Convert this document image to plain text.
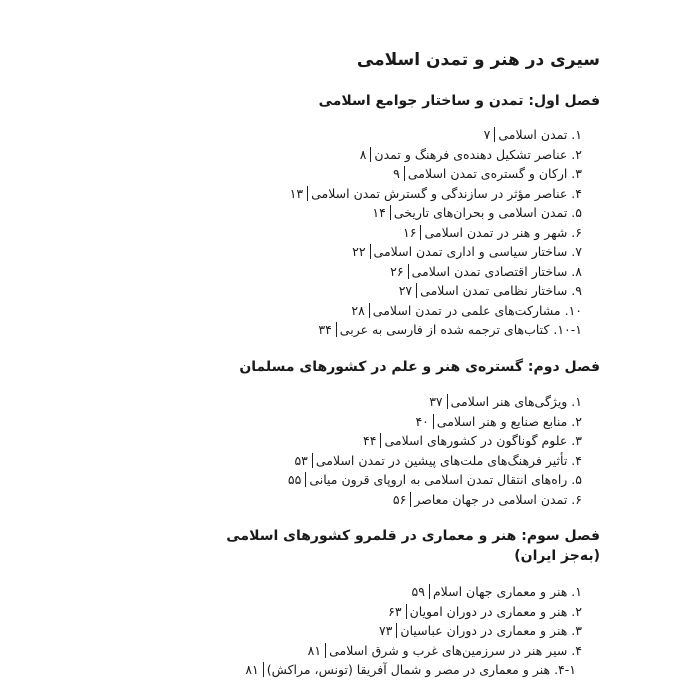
سیری در هنر و تمدن اسلامی
فصل اول: تمدن و ساختار جوامع اسلامی
۱. تمدن اسلامی۷
۲. عناصر تشکیل دهنده‌ی فرهنگ و تمدن۸
۳. ارکان و گستره‌ی تمدن اسلامی۹
۴. عناصر مؤثر در سازندگی و گسترش تمدن اسلامی۱۳
۵. تمدن اسلامی و بحران‌های تاریخی۱۴
۶. شهر و هنر در تمدن اسلامی۱۶
۷. ساختار سیاسی و اداری تمدن اسلامی۲۲
۸. ساختار اقتصادی تمدن اسلامی۲۶
۹. ساختار نظامی تمدن اسلامی۲۷
۱۰. مشارکت‌های علمی در تمدن اسلامی۲۸
۱۰-۱. کتاب‌های ترجمه شده از فارسی به عربی۳۴
فصل دوم: گستره‌ی هنر و علم در کشورهای مسلمان
۱. ویژگی‌های هنر اسلامی۳۷
۲. منابع صنایع و هنر اسلامی۴۰
۳. علوم گوناگون در کشورهای اسلامی۴۴
۴. تأثیر فرهنگ‌های ملت‌های پیشین در تمدن اسلامی۵۳
۵. راه‌های انتقال تمدن اسلامی به اروپای قرون میانی۵۵
۶. تمدن اسلامی در جهان معاصر۵۶
فصل سوم: هنر و معماری در قلمرو کشورهای اسلامی
(به‌جز ایران)
۱. هنر و معماری جهان اسلام۵۹
۲. هنر و معماری در دوران امویان۶۳
۳. هنر و معماری در دوران عباسیان۷۳
۴. سیر هنر در سرزمین‌های غرب و شرق اسلامی۸۱
۴-۱. هنر و معماری در مصر و شمال آفریقا (تونس، مراکش)۸۱
